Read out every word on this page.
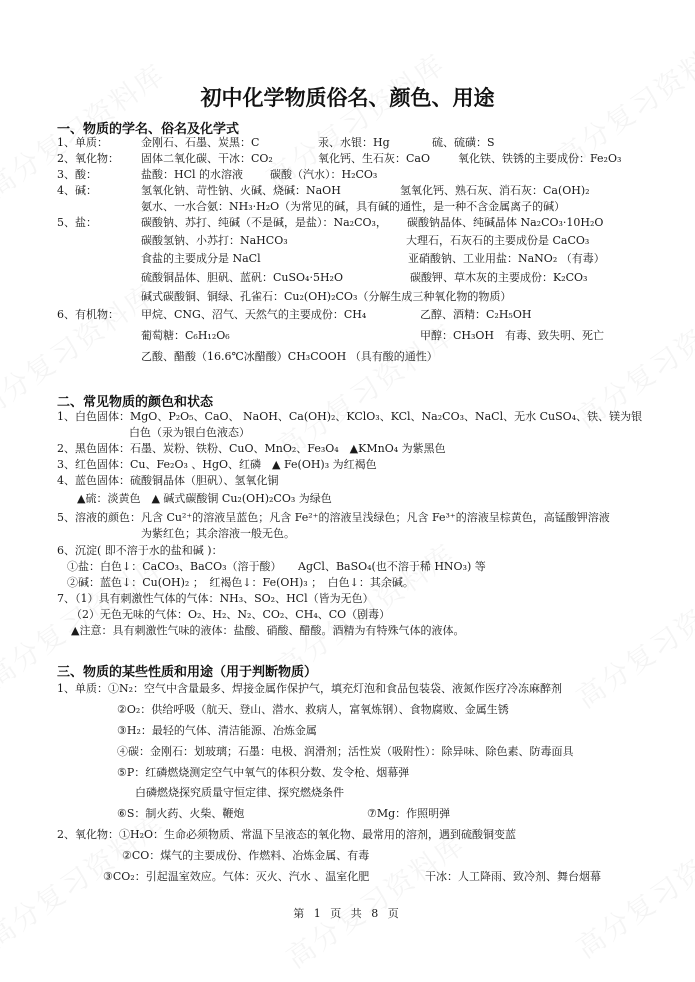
初中化学物质俗名、颜色、用途
一、物质的学名、俗名及化学式
1、单质：	金刚石、石墨、炭黑：C	汞、水银：Hg	硫、硫磺：S
2、氧化物： 固体二氧化碳、干冰：CO₂	氧化钙、生石灰：CaO	氧化铁、铁锈的主要成份：Fe₂O₃
3、酸：	盐酸：HCl 的水溶液 碳酸（汽水）：H₂CO₃
4、碱：	氢氧化钠、苛性钠、火碱、烧碱：NaOH	氢氧化钙、熟石灰、消石灰：Ca(OH)₂
氨水、一水合氨：NH₃·H₂O（为常见的碱，具有碱的通性，是一种不含金属离子的碱）
5、盐：	碳酸钠、苏打、纯碱（不是碱，是盐）：Na₂CO₃， 碳酸钠晶体、纯碱晶体 Na₂CO₃·10H₂O
碳酸氢钠、小苏打：NaHCO₃	大理石，石灰石的主要成份是 CaCO₃
食盐的主要成分是 NaCl	亚硝酸钠、工业用盐：NaNO₂ （有毒）
硫酸铜晶体、胆矾、蓝矾：CuSO₄·5H₂O	碳酸钾、草木灰的主要成份：K₂CO₃
碱式碳酸铜、铜绿、孔雀石：Cu₂(OH)₂CO₃（分解生成三种氧化物的物质）
6、有机物： 甲烷、CNG、沼气、天然气的主要成份：CH₄	乙醇、酒精：C₂H₅OH
葡萄糖：C₆H₁₂O₆	甲醇：CH₃OH　有毒、致失明、死亡
乙酸、醋酸（16.6℃冰醋酸）CH₃COOH （具有酸的通性）
二、常见物质的颜色和状态
1、白色固体：MgO、P₂O₅、CaO、 NaOH、Ca(OH)₂、KClO₃、KCl、Na₂CO₃、NaCl、无水 CuSO₄、铁、镁为银
白色（汞为银白色液态）
2、黑色固体：石墨、炭粉、铁粉、CuO、MnO₂、Fe₃O₄　▲KMnO₄ 为紫黑色
3、红色固体：Cu、Fe₂O₃ 、HgO、红磷　▲ Fe(OH)₃ 为红褐色
4、蓝色固体：硫酸铜晶体（胆矾）、氢氧化铜
▲硫：淡黄色　▲ 碱式碳酸铜 Cu₂(OH)₂CO₃ 为绿色
5、溶液的颜色：凡含 Cu²⁺的溶液呈蓝色；凡含 Fe²⁺的溶液呈浅绿色；凡含 Fe³⁺的溶液呈棕黄色，高锰酸钾溶液
为紫红色；其余溶液一般无色。
6、沉淀( 即不溶于水的盐和碱 )：
①盐：白色↓：CaCO₃、BaCO₃（溶于酸）　　AgCl、BaSO₄(也不溶于稀 HNO₃) 等
②碱：蓝色↓：Cu(OH)₂ ；　红褐色↓：Fe(OH)₃ ；　白色↓：其余碱。
7、（1）具有刺激性气体的气体：NH₃、SO₂、HCl（皆为无色）
（2）无色无味的气体：O₂、H₂、N₂、CO₂、CH₄、CO（剧毒）
▲注意：具有刺激性气味的液体：盐酸、硝酸、醋酸。酒精为有特殊气体的液体。
三、物质的某些性质和用途（用于判断物质）
1、单质：①N₂：空气中含量最多、焊接金属作保护气，填充灯泡和食品包装袋、液氮作医疗冷冻麻醉剂
②O₂：供给呼吸（航天、登山、潜水、救病人，富氧炼钢）、食物腐败、金属生锈
③H₂：最轻的气体、清洁能源、冶炼金属
④碳：金刚石：划玻璃；石墨：电极、润滑剂；活性炭（吸附性）：除异味、除色素、防毒面具
⑤P：红磷燃烧测定空气中氧气的体积分数、发令枪、烟幕弹
白磷燃烧探究质量守恒定律、探究燃烧条件
⑥S：制火药、火柴、鞭炮	⑦Mg：作照明弹
2、氧化物：①H₂O：生命必须物质、常温下呈液态的氧化物、最常用的溶剂，遇到硫酸铜变蓝
②CO：煤气的主要成份、作燃料、冶炼金属、有毒
③CO₂：引起温室效应。气体：灭火、汽水 、温室化肥	干冰：人工降雨、致冷剂、舞台烟幕
第 1 页 共 8 页
